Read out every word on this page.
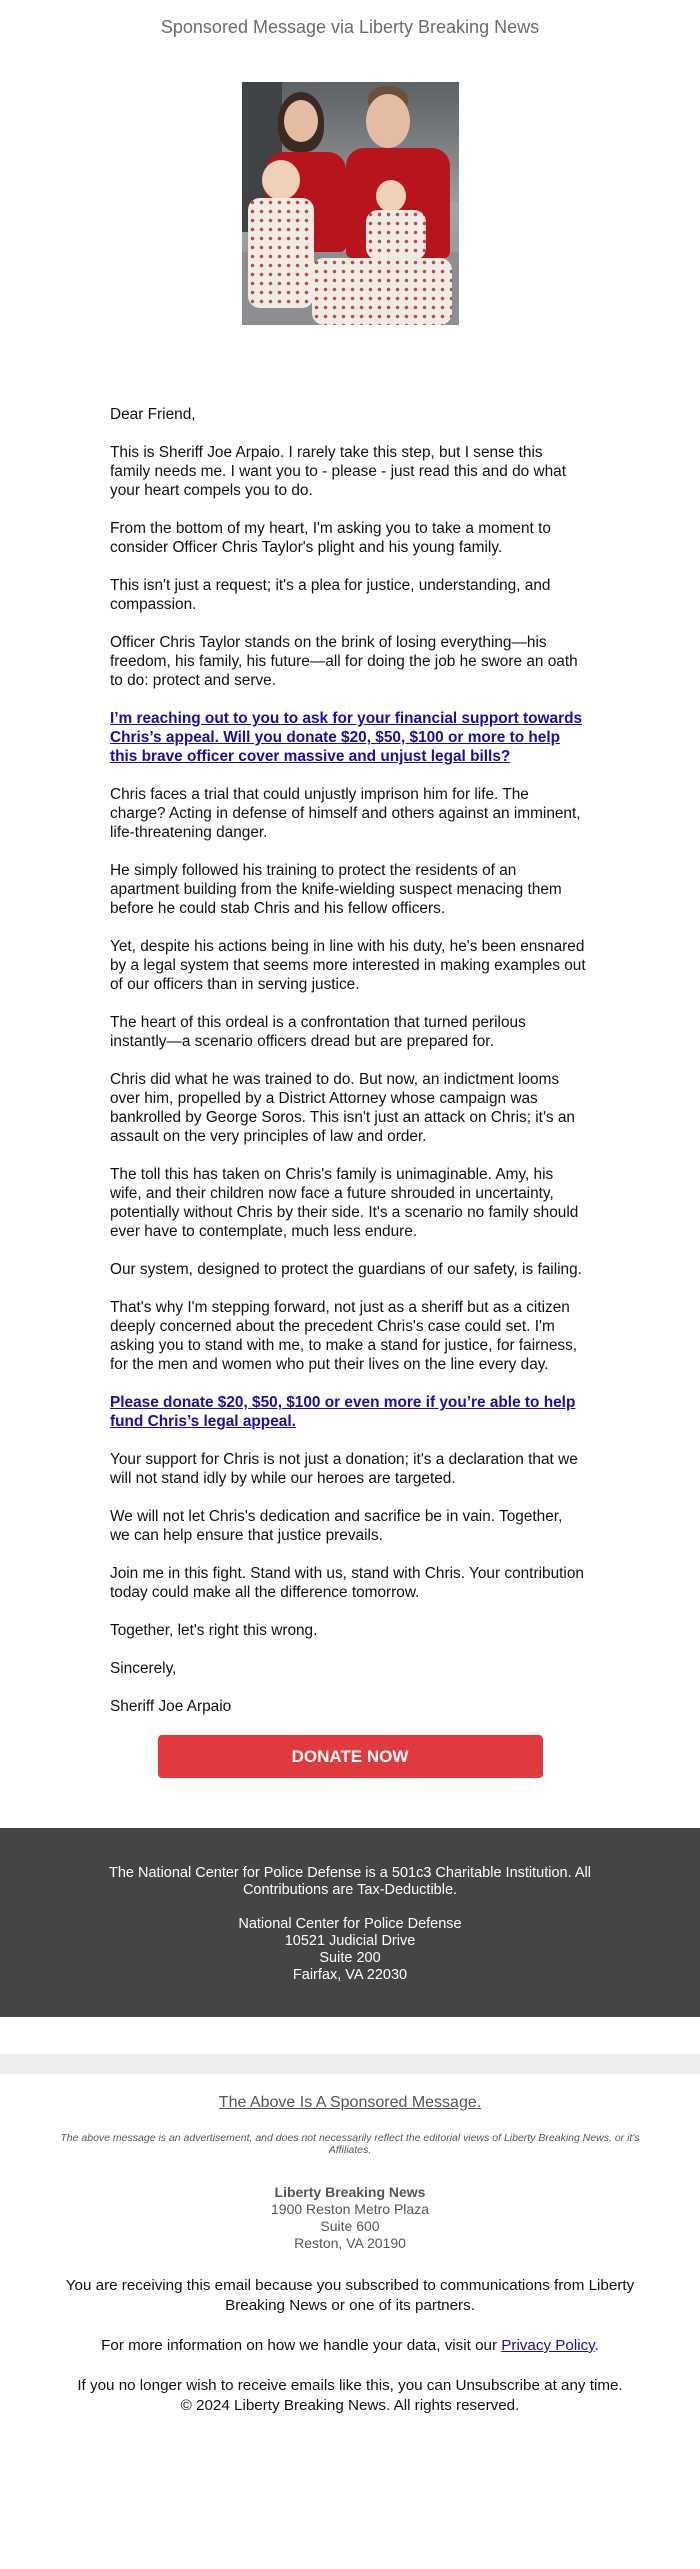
Sponsored Message via Liberty Breaking News

Dear Friend,

This is Sheriff Joe Arpaio. I rarely take this step, but I sense this family needs me. I want you to - please - just read this and do what your heart compels you to do.

From the bottom of my heart, I'm asking you to take a moment to consider Officer Chris Taylor's plight and his young family.

This isn't just a request; it's a plea for justice, understanding, and compassion.

Officer Chris Taylor stands on the brink of losing everything—his freedom, his family, his future—all for doing the job he swore an oath to do: protect and serve.

I’m reaching out to you to ask for your financial support towards Chris’s appeal. Will you donate $20, $50, $100 or more to help this brave officer cover massive and unjust legal bills?

Chris faces a trial that could unjustly imprison him for life. The charge? Acting in defense of himself and others against an imminent, life-threatening danger.

He simply followed his training to protect the residents of an apartment building from the knife-wielding suspect menacing them before he could stab Chris and his fellow officers.

Yet, despite his actions being in line with his duty, he's been ensnared by a legal system that seems more interested in making examples out of our officers than in serving justice.

The heart of this ordeal is a confrontation that turned perilous instantly—a scenario officers dread but are prepared for.

Chris did what he was trained to do. But now, an indictment looms over him, propelled by a District Attorney whose campaign was bankrolled by George Soros. This isn't just an attack on Chris; it's an assault on the very principles of law and order.

The toll this has taken on Chris's family is unimaginable. Amy, his wife, and their children now face a future shrouded in uncertainty, potentially without Chris by their side. It's a scenario no family should ever have to contemplate, much less endure.

Our system, designed to protect the guardians of our safety, is failing.

That's why I'm stepping forward, not just as a sheriff but as a citizen deeply concerned about the precedent Chris's case could set. I'm asking you to stand with me, to make a stand for justice, for fairness, for the men and women who put their lives on the line every day.

Please donate $20, $50, $100 or even more if you’re able to help fund Chris’s legal appeal.

Your support for Chris is not just a donation; it's a declaration that we will not stand idly by while our heroes are targeted.

We will not let Chris's dedication and sacrifice be in vain. Together, we can help ensure that justice prevails.

Join me in this fight. Stand with us, stand with Chris. Your contribution today could make all the difference tomorrow.

Together, let's right this wrong.

Sincerely,

Sheriff Joe Arpaio

DONATE NOW
The National Center for Police Defense is a 501c3 Charitable Institution. All
Contributions are Tax-Deductible.
National Center for Police Defense
10521 Judicial Drive
Suite 200
Fairfax, VA 22030
The Above Is A Sponsored Message.
The above message is an advertisement, and does not necessarily reflect the editorial views of Liberty Breaking News, or it's Affiliates.
Liberty Breaking News
1900 Reston Metro Plaza
Suite 600
Reston, VA 20190
You are receiving this email because you subscribed to communications from Liberty Breaking News or one of its partners.
For more information on how we handle your data, visit our Privacy Policy.
If you no longer wish to receive emails like this, you can Unsubscribe at any time.
© 2024 Liberty Breaking News. All rights reserved.
